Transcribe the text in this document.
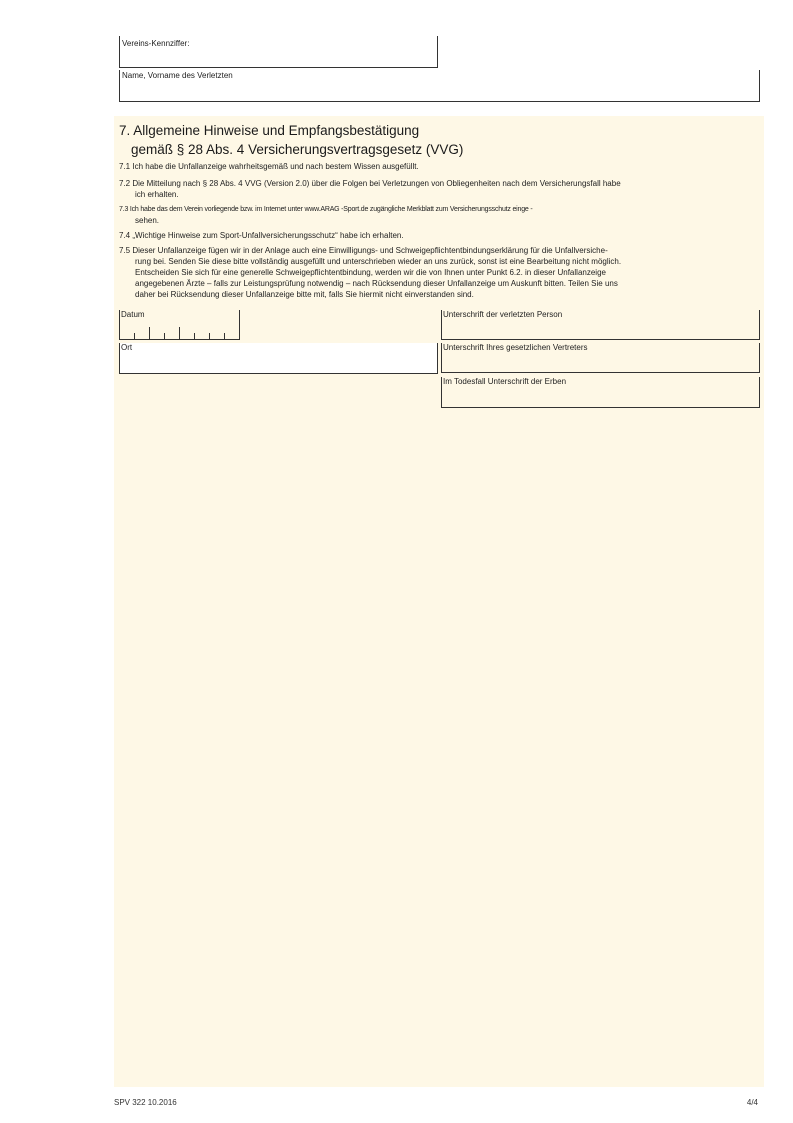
Vereins-Kennziffer:
Name, Vorname des Verletzten
7. Allgemeine Hinweise und Empfangsbestätigung
gemäß § 28 Abs. 4 Versicherungsvertragsgesetz (VVG)
7.1 Ich habe die Unfallanzeige wahrheitsgemäß und nach bestem Wissen ausgefüllt.
7.2 Die Mitteilung nach § 28 Abs. 4 VVG (Version 2.0) über die Folgen bei Verletzungen von Obliegenheiten nach dem Versicherungsfall habe
ich erhalten.
7.3 Ich habe das dem Verein vorliegende bzw. im Internet unter www.ARAG -Sport.de zugängliche Merkblatt zum Versicherungsschutz einge -
sehen.
7.4 „Wichtige Hinweise zum Sport-Unfallversicherungsschutz“ habe ich erhalten.
7.5 Dieser Unfallanzeige fügen wir in der Anlage auch eine Einwilligungs- und Schweigepflichtentbindungserklärung für die Unfallversiche-
rung bei. Senden Sie diese bitte vollständig ausgefüllt und unterschrieben wieder an uns zurück, sonst ist eine Bearbeitung nicht möglich.
Entscheiden Sie sich für eine generelle Schweigepflichtentbindung, werden wir die von Ihnen unter Punkt 6.2. in dieser Unfallanzeige
angegebenen Ärzte – falls zur Leistungsprüfung notwendig – nach Rücksendung dieser Unfallanzeige um Auskunft bitten. Teilen Sie uns
daher bei Rücksendung dieser Unfallanzeige bitte mit, falls Sie hiermit nicht einverstanden sind.
Datum
Ort
Unterschrift der verletzten Person
Unterschrift Ihres gesetzlichen Vertreters
Im Todesfall Unterschrift der Erben
SPV 322 10.2016	4/4
